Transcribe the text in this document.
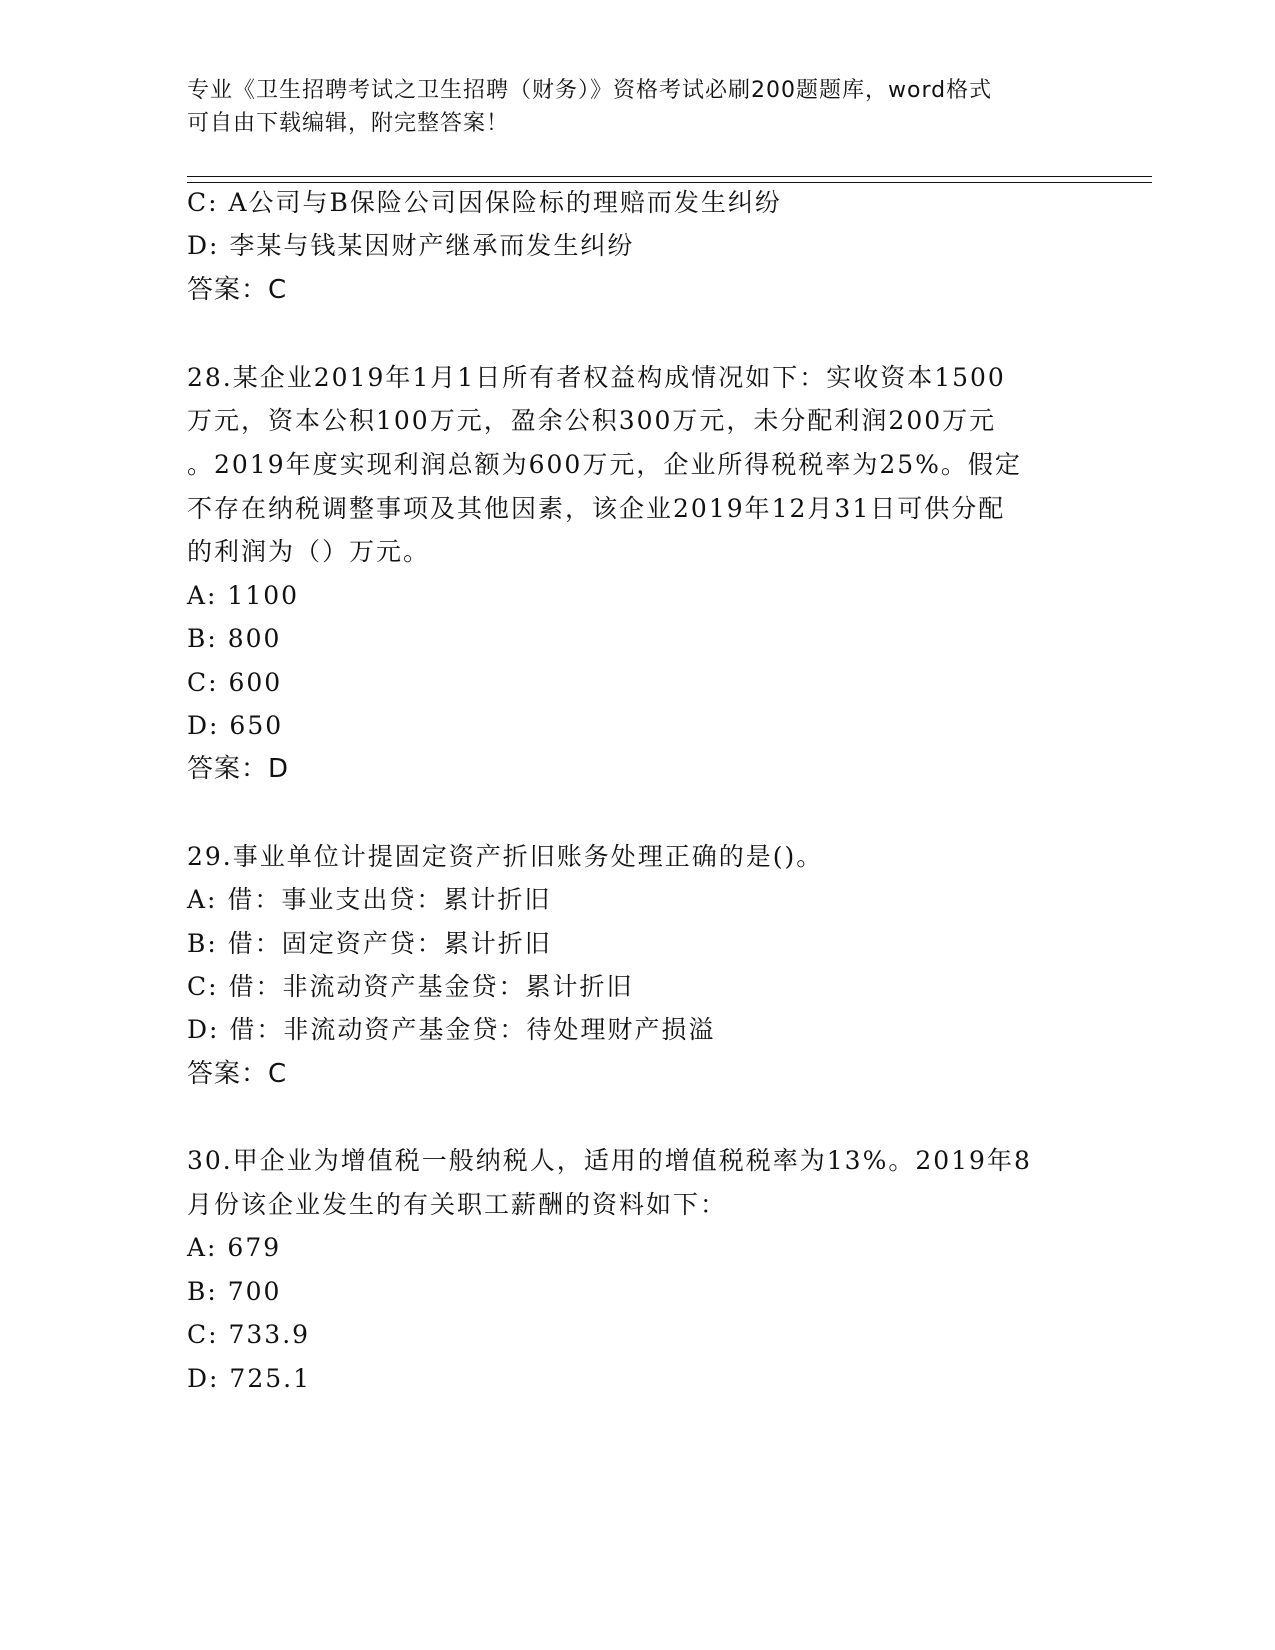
专业《卫生招聘考试之卫生招聘（财务）》资格考试必刷200题题库，word格式
可自由下载编辑，附完整答案！
C: A公司与B保险公司因保险标的理赔而发生纠纷
D: 李某与钱某因财产继承而发生纠纷
答案：C
28.某企业2019年1月1日所有者权益构成情况如下：实收资本1500
万元，资本公积100万元，盈余公积300万元，未分配利润200万元
。2019年度实现利润总额为600万元，企业所得税税率为25%。假定
不存在纳税调整事项及其他因素，该企业2019年12月31日可供分配
的利润为（）万元。
A: 1100
B: 800
C: 600
D: 650
答案：D
29.事业单位计提固定资产折旧账务处理正确的是()。
A: 借：事业支出贷：累计折旧
B: 借：固定资产贷：累计折旧
C: 借：非流动资产基金贷：累计折旧
D: 借：非流动资产基金贷：待处理财产损溢
答案：C
30.甲企业为增值税一般纳税人，适用的增值税税率为13%。2019年8
月份该企业发生的有关职工薪酬的资料如下：
A: 679
B: 700
C: 733.9
D: 725.1
